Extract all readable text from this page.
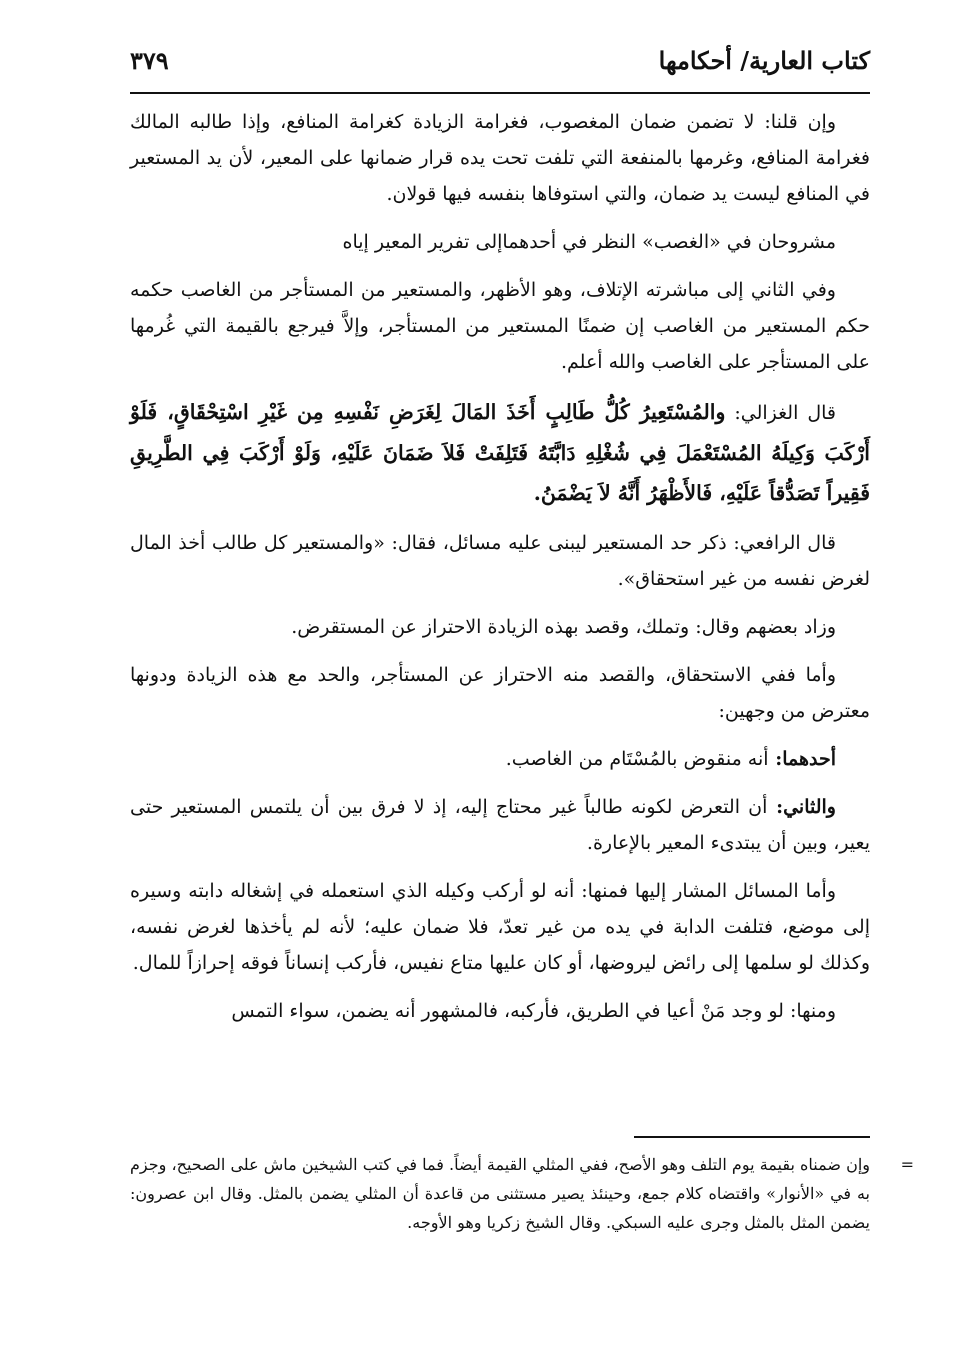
كتاب العارية/ أحكامها
٣٧٩

وإن قلنا: لا تضمن ضمان المغصوب، فغرامة الزيادة كغرامة المنافع، وإذا طالبه المالك فغرامة المنافع، وغرمها بالمنفعة التي تلفت تحت يده قرار ضمانها على المعير، لأن يد المستعير في المنافع ليست يد ضمان، والتي استوفاها بنفسه فيها قولان.

مشروحان في «الغصب» النظر في أحدهماإلى تفرير المعير إياه

وفي الثاني إلى مباشرته الإتلاف، وهو الأظهر، والمستعير من المستأجر من الغاصب حكمه حكم المستعير من الغاصب إن ضمنًا المستعير من المستأجر، وإلاَّ فيرجع بالقيمة التي غُرمها على المستأجر على الغاصب والله أعلم.

قال الغزالي: والمُسْتَعِيرُ كُلُّ طَالِبٍ أَخَذَ المَالَ لِغَرَضِ نَفْسِهِ مِن غَيْرِ اسْتِحْقَاقٍ، فَلَوْ أَرْكَبَ وَكِيلَهُ المُسْتَعْمَلَ فِي شُغْلِهِ دَابَّتَهُ فَتَلِفَتْ فَلاَ ضَمَانَ عَلَيْهِ، وَلَوْ أَرْكَبَ فِي الطَّرِيقِ فَقِيراً تَصَدُّقاً عَلَيْهِ، فَالأَظْهَرُ أَنَّهُ لاَ يَضْمَنُ.

قال الرافعي: ذكر حد المستعير ليبنى عليه مسائل، فقال: «والمستعير كل طالب أخذ المال لغرض نفسه من غير استحقاق».

وزاد بعضهم وقال: وتملك، وقصد بهذه الزيادة الاحتراز عن المستقرض.

وأما ففي الاستحقاق، والقصد منه الاحتراز عن المستأجر، والحد مع هذه الزيادة ودونها معترض من وجهين:

أحدهما: أنه منقوض بالمُسْتَام من الغاصب.

والثاني: أن التعرض لكونه طالباً غير محتاج إليه، إذ لا فرق بين أن يلتمس المستعير حتى يعير، وبين أن يبتدىء المعير بالإعارة.

وأما المسائل المشار إليها فمنها: أنه لو أركب وكيله الذي استعمله في إشغاله دابته وسيره إلى موضع، فتلفت الدابة في يده من غير تعدّ، فلا ضمان عليه؛ لأنه لم يأخذها لغرض نفسه، وكذلك لو سلمها إلى رائض ليروضها، أو كان عليها متاع نفيس، فأركب إنساناً فوقه إحرازاً للمال.

ومنها: لو وجد مَنْ أعيا في الطريق، فأركبه، فالمشهور أنه يضمن، سواء التمس

=

وإن ضمناه بقيمة يوم التلف وهو الأصح، ففي المثلي القيمة أيضاً. فما في كتب الشيخين ماش على الصحيح، وجزم به في «الأنوار» واقتضاه كلام جمع، وحينئذ يصير مستثنى من قاعدة أن المثلي يضمن بالمثل. وقال ابن عصرون: يضمن المثل بالمثل وجرى عليه السبكي. وقال الشيخ زكريا وهو الأوجه.
